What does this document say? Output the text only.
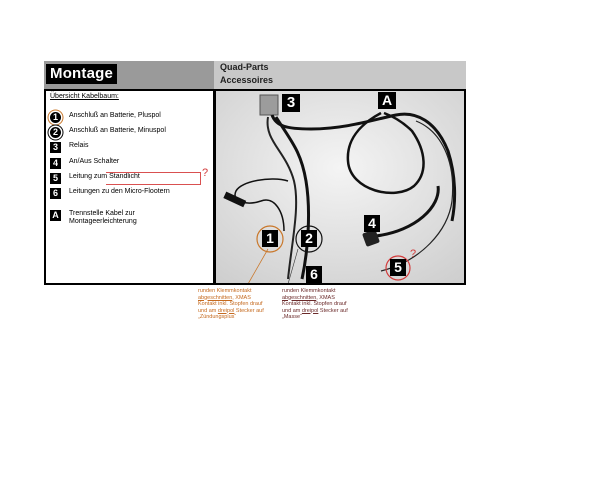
Montage	Quad-Parts
Accessoires
Übersicht Kabelbaum:
1	Anschluß an Batterie, Pluspol
2	Anschluß an Batterie, Minuspol
3	Relais
4	An/Aus Schalter
5	Leitung zum Standlicht	?
6	Leitungen zu den Micro-Flootern
A	Trennstelle Kabel zur
Montageerleichterung
3	A
1 2
4
5
6
?
runden Klemmkontakt
abgeschnitten, XMAS
Kontakt inkl. Stopfen drauf
und am dreipol Stecker auf
„Zündungsplus“
runden Klemmkontakt
abgeschnitten, XMAS
Kontakt inkl. Stopfen drauf
und am dreipol Stecker auf
„Masse“
